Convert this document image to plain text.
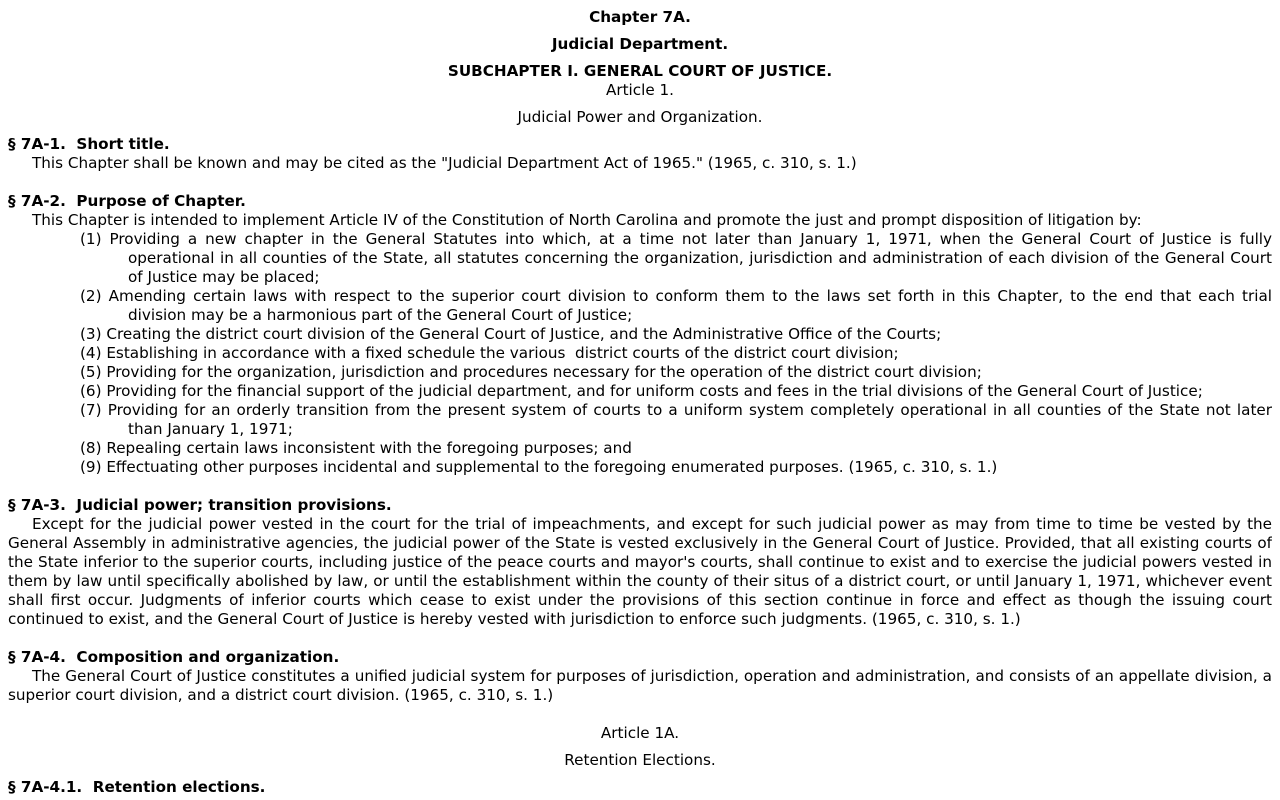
Chapter 7A.
Judicial Department.
SUBCHAPTER I. GENERAL COURT OF JUSTICE.
Article 1.
Judicial Power and Organization.
§ 7A-1.  Short title.
This Chapter shall be known and may be cited as the "Judicial Department Act of 1965." (1965, c. 310, s. 1.)
§ 7A-2.  Purpose of Chapter.
This Chapter is intended to implement Article IV of the Constitution of North Carolina and promote the just and prompt disposition of litigation by:
(1) Providing a new chapter in the General Statutes into which, at a time not later than January 1, 1971, when the General Court of Justice is fully operational in all counties of the State, all statutes concerning the organization, jurisdiction and administration of each division of the General Court of Justice may be placed;
(2) Amending certain laws with respect to the superior court division to conform them to the laws set forth in this Chapter, to the end that each trial division may be a harmonious part of the General Court of Justice;
(3) Creating the district court division of the General Court of Justice, and the Administrative Office of the Courts;
(4) Establishing in accordance with a fixed schedule the various  district courts of the district court division;
(5) Providing for the organization, jurisdiction and procedures necessary for the operation of the district court division;
(6) Providing for the financial support of the judicial department, and for uniform costs and fees in the trial divisions of the General Court of Justice;
(7) Providing for an orderly transition from the present system of courts to a uniform system completely operational in all counties of the State not later than January 1, 1971;
(8) Repealing certain laws inconsistent with the foregoing purposes; and
(9) Effectuating other purposes incidental and supplemental to the foregoing enumerated purposes. (1965, c. 310, s. 1.)
§ 7A-3.  Judicial power; transition provisions.
Except for the judicial power vested in the court for the trial of impeachments, and except for such judicial power as may from time to time be vested by the General Assembly in administrative agencies, the judicial power of the State is vested exclusively in the General Court of Justice. Provided, that all existing courts of the State inferior to the superior courts, including justice of the peace courts and mayor's courts, shall continue to exist and to exercise the judicial powers vested in them by law until specifically abolished by law, or until the establishment within the county of their situs of a district court, or until January 1, 1971, whichever event shall first occur. Judgments of inferior courts which cease to exist under the provisions of this section continue in force and effect as though the issuing court continued to exist, and the General Court of Justice is hereby vested with jurisdiction to enforce such judgments. (1965, c. 310, s. 1.)
§ 7A-4.  Composition and organization.
The General Court of Justice constitutes a unified judicial system for purposes of jurisdiction, operation and administration, and consists of an appellate division, a superior court division, and a district court division. (1965, c. 310, s. 1.)
Article 1A.
Retention Elections.
§ 7A-4.1.  Retention elections.
